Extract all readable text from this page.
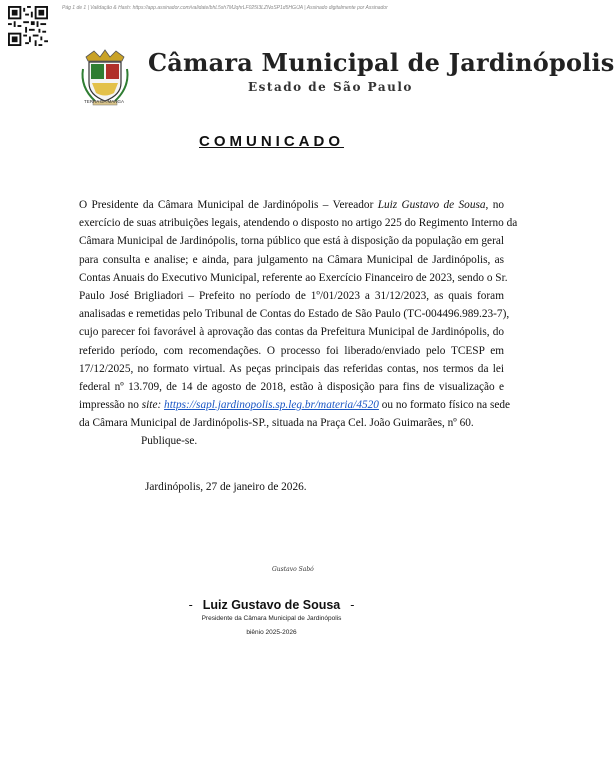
Pág 1 de 1 | Validação & Hash: https://app.assinador.com/validate/bhL5sh7MJqhrLF025I3LZNoSP1d5HG/JA | Assinado digitalmente por Assinador
TERRA DA MANGA
Câmara Municipal de Jardinópolis
Estado de São Paulo
COMUNICADO
O Presidente da Câmara Municipal de Jardinópolis – Vereador Luiz Gustavo de Sousa, no
exercício de suas atribuições legais, atendendo o disposto no artigo 225 do Regimento Interno da
Câmara Municipal de Jardinópolis, torna público que está à disposição da população em geral
para consulta e analise; e ainda, para julgamento na Câmara Municipal de Jardinópolis, as
Contas Anuais do Executivo Municipal, referente ao Exercício Financeiro de 2023, sendo o Sr.
Paulo José Brigliadori – Prefeito no período de 1º/01/2023 a 31/12/2023, as quais foram
analisadas e remetidas pelo Tribunal de Contas do Estado de São Paulo (TC-004496.989.23-7),
cujo parecer foi favorável à aprovação das contas da Prefeitura Municipal de Jardinópolis, do
referido período, com recomendações. O processo foi liberado/enviado pelo TCESP em
17/12/2025, no formato virtual. As peças principais das referidas contas, nos termos da lei
federal nº 13.709, de 14 de agosto de 2018, estão à disposição para fins de visualização e
impressão no site: https://sapl.jardinopolis.sp.leg.br/materia/4520 ou no formato físico na sede
da Câmara Municipal de Jardinópolis-SP., situada na Praça Cel. João Guimarães, nº 60.
Publique-se.
Jardinópolis, 27 de janeiro de 2026.
Gustavo Sabó
- Luiz Gustavo de Sousa -
Presidente da Câmara Municipal de Jardinópolis
biênio 2025-2026
